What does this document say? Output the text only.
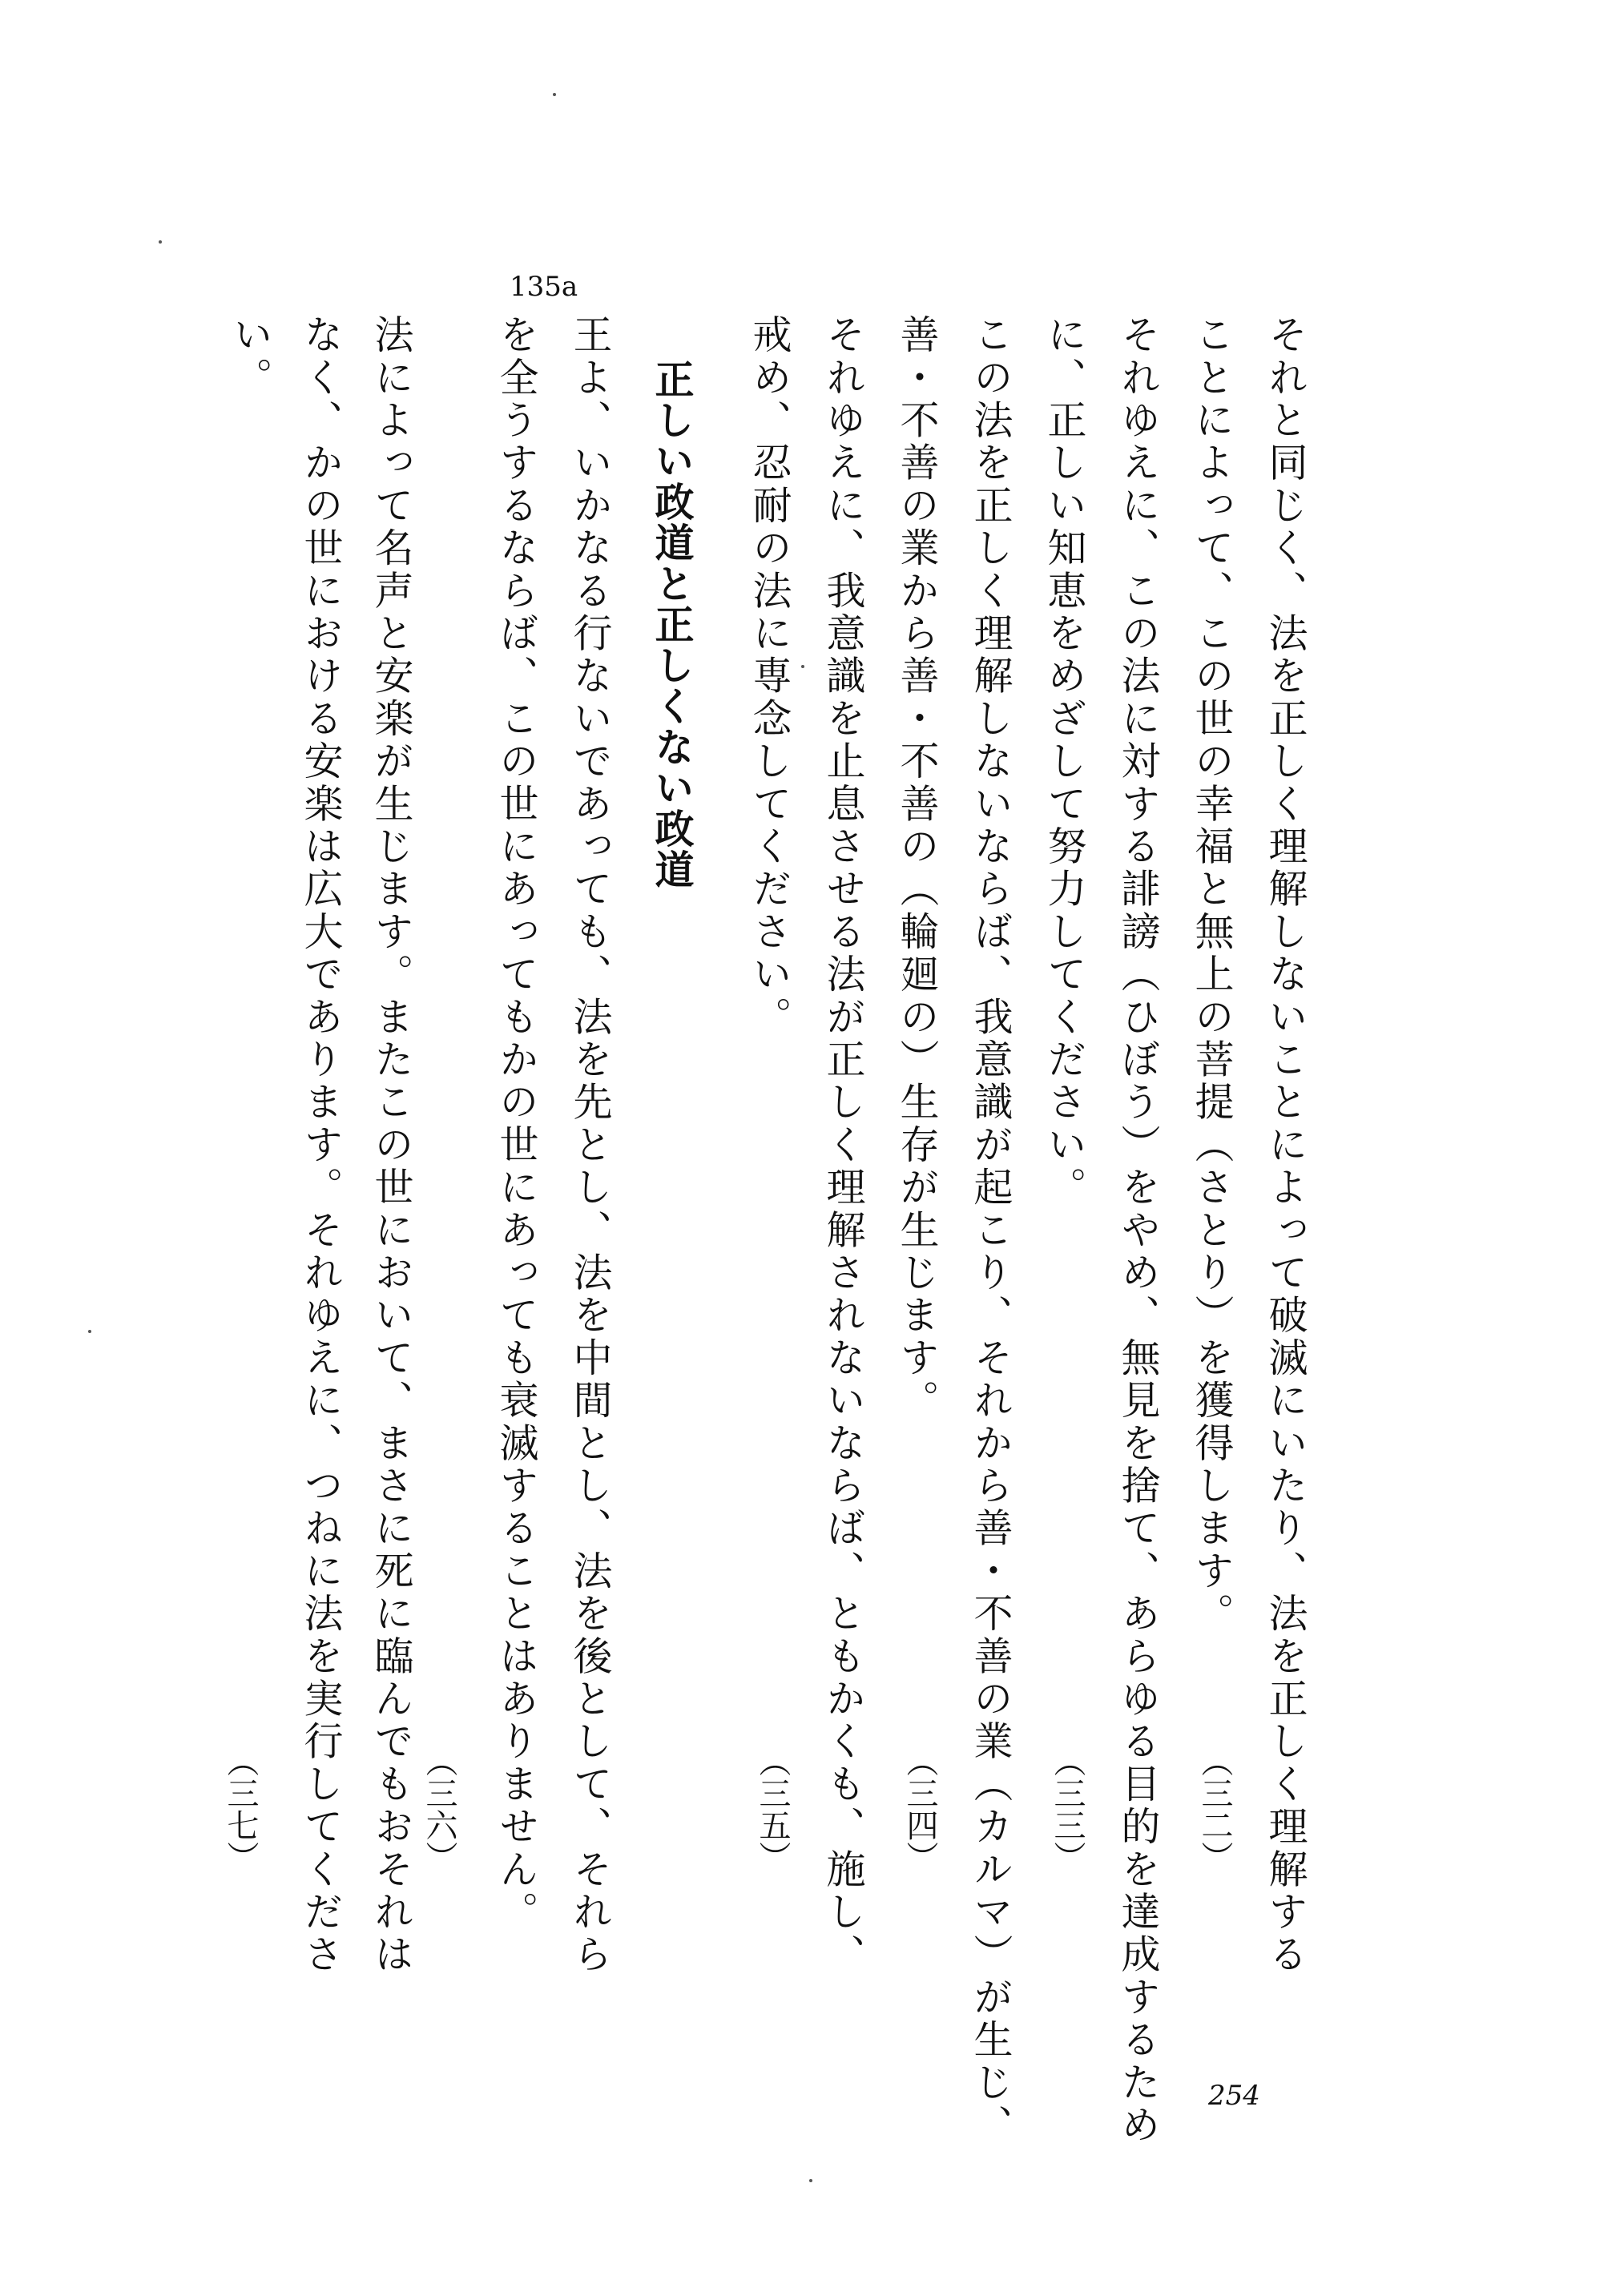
それと同じく、法を正しく理解しないことによって破滅にいたり、法を正しく理解する
ことによって、この世の幸福と無上の菩提（さとり）を獲得します。
（三二）
それゆえに、この法に対する誹謗（ひぼう）をやめ、無見を捨て、あらゆる目的を達成するため
に、正しい知恵をめざして努力してください。
（三三）
この法を正しく理解しないならば、我意識が起こり、それから善・不善の業（カルマ）が生じ、
善・不善の業から善・不善の（輪廻の）生存が生じます。
（三四）
それゆえに、我意識を止息させる法が正しく理解されないならば、ともかくも、施し、
戒め、忍耐の法に専念してください。
（三五）
正しい政道と正しくない政道
135a
王よ、いかなる行ないであっても、法を先とし、法を中間とし、法を後として、それら
を全うするならば、この世にあってもかの世にあっても衰滅することはありません。
（三六）
法によって名声と安楽が生じます。またこの世において、まさに死に臨んでもおそれは
なく、かの世における安楽は広大であります。それゆえに、つねに法を実行してくださ
い。
（三七）
254
